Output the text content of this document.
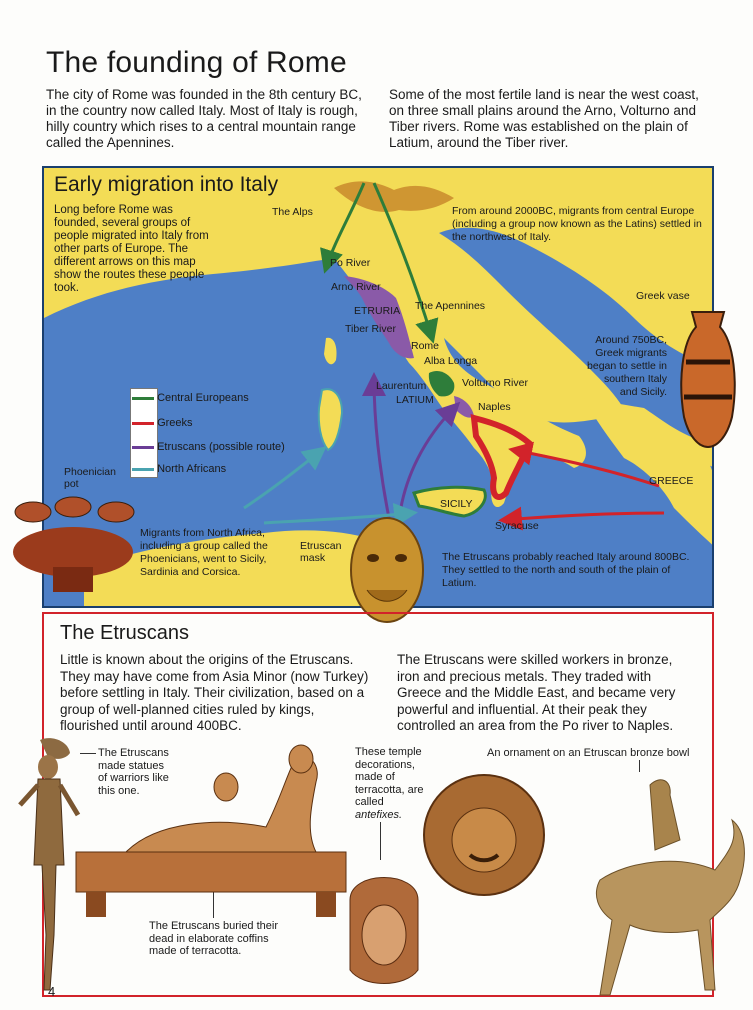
The founding of Rome
The city of Rome was founded in the 8th century BC, in the country now called Italy. Most of Italy is rough, hilly country which rises to a central mountain range called the Apennines.
Some of the most fertile land is near the west coast, on three small plains around the Arno, Volturno and Tiber rivers. Rome was established on the plain of Latium, around the Tiber river.
Early migration into Italy
Long before Rome was founded, several groups of people migrated into Italy from other parts of Europe. The different arrows on this map show the routes these people took.
From around 2000BC, migrants from central Europe (including a group now known as the Latins) settled in the northwest of Italy.
Around 750BC, Greek migrants began to settle in southern Italy and Sicily.
Migrants from North Africa, including a group called the Phoenicians, went to Sicily, Sardinia and Corsica.
The Etruscans probably reached Italy around 800BC. They settled to the north and south of the plain of Latium.
The Alps
Po River
Arno River
ETRURIA
Tiber River
The Apennines
Rome
Alba Longa
Laurentum
LATIUM
Volturno River
Naples
SICILY
Syracuse
GREECE
Greek vase
Phoenician pot
Etruscan mask
Central Europeans
Greeks
Etruscans (possible route)
North Africans
The Etruscans
Little is known about the origins of the Etruscans. They may have come from Asia Minor (now Turkey) before settling in Italy. Their civilization, based on a group of well-planned cities ruled by kings, flourished until around 400BC.
The Etruscans were skilled workers in bronze, iron and precious metals. They traded with Greece and the Middle East, and became very powerful and influential. At their peak they controlled an area from the Po river to Naples.
The Etruscans made statues of warriors like this one.
The Etruscans buried their dead in elaborate coffins made of terracotta.
These temple decorations, made of terracotta, are called antefixes.
An ornament on an Etruscan bronze bowl
4
